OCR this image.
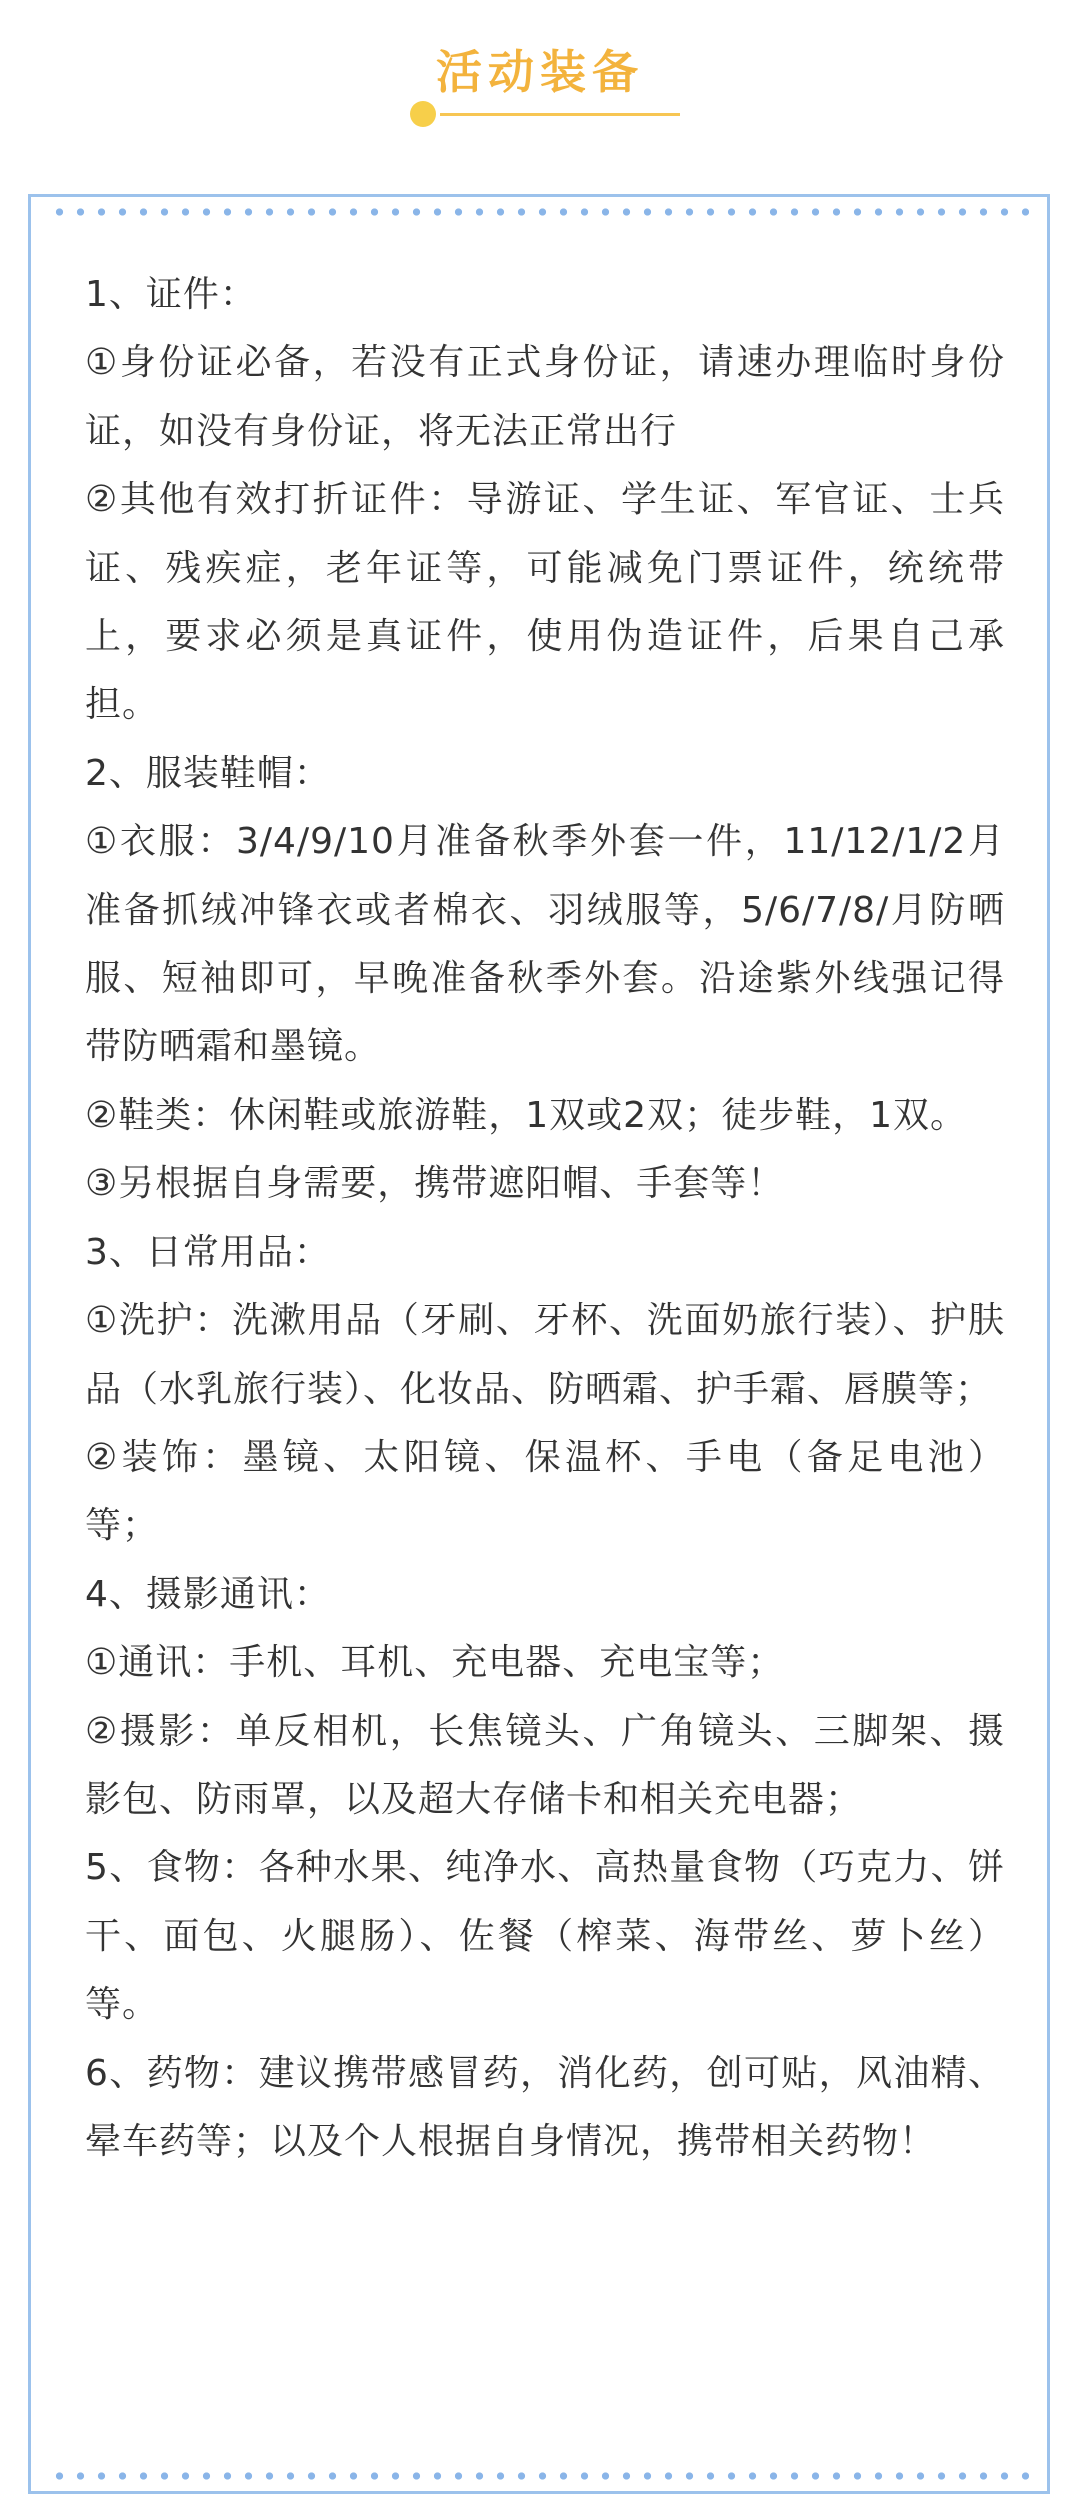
活动装备

1、证件：

①身份证必备，若没有正式身份证，请速办理临时身份证，如没有身份证，将无法正常出行

②其他有效打折证件：导游证、学生证、军官证、士兵证、残疾症，老年证等，可能减免门票证件，统统带上，要求必须是真证件，使用伪造证件，后果自己承担。

2、服装鞋帽：

①衣服：3/4/9/10月准备秋季外套一件，11/12/1/2月准备抓绒冲锋衣或者棉衣、羽绒服等，5/6/7/8/月防晒服、短袖即可，早晚准备秋季外套。沿途紫外线强记得带防晒霜和墨镜。

②鞋类：休闲鞋或旅游鞋，1双或2双；徒步鞋，1双。

③另根据自身需要，携带遮阳帽、手套等！

3、日常用品：

①洗护：洗漱用品（牙刷、牙杯、洗面奶旅行装）、护肤品（水乳旅行装）、化妆品、防晒霜、护手霜、唇膜等；

②装饰：墨镜、太阳镜、保温杯、手电（备足电池）等；

4、摄影通讯：

①通讯：手机、耳机、充电器、充电宝等；

②摄影：单反相机，长焦镜头、广角镜头、三脚架、摄影包、防雨罩，以及超大存储卡和相关充电器；

5、食物：各种水果、纯净水、高热量食物（巧克力、饼干、面包、火腿肠）、佐餐（榨菜、海带丝、萝卜丝）等。

6、药物：建议携带感冒药，消化药，创可贴，风油精、晕车药等；以及个人根据自身情况，携带相关药物！
